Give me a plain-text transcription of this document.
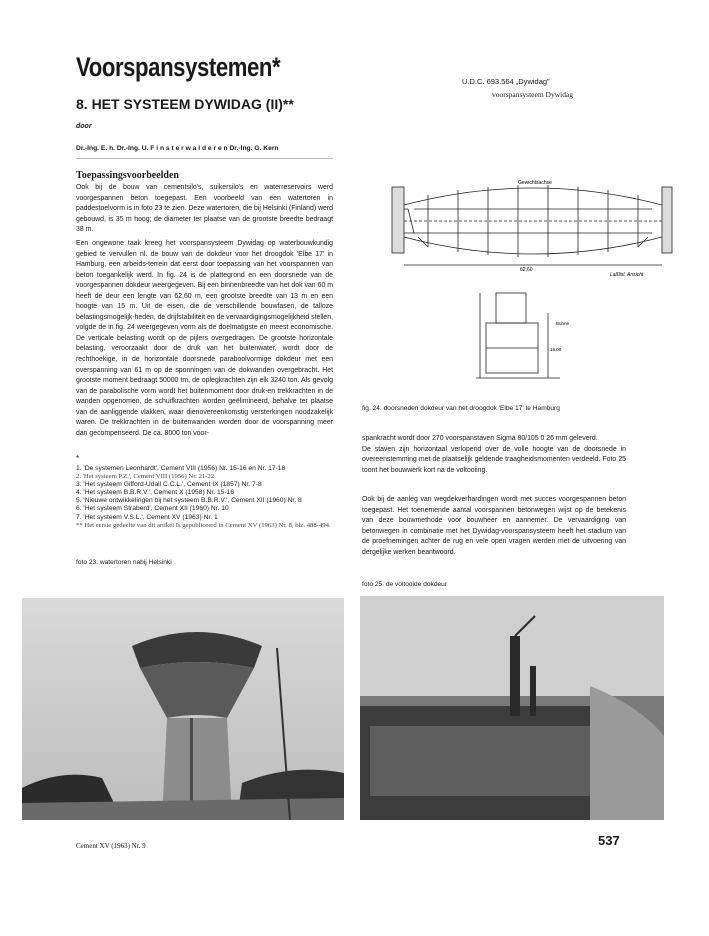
Voorspansystemen*	U.D.C. 693.564 „Dywidag”
voorspansysteem Dywidag
8. HET SYSTEEM DYWIDAG (II)**
door
Dr.-Ing. E. h. Dr.-Ing. U. F i n s t e r w a l d e r e n Dr.-Ing. G. Kern
Toepassingsvoorbeelden

Ook bij de bouw van cementsilo's, suikersilo's en waterreservoirs werd voorgespannen beton toegepast. Een voorbeeld van een watertoren in paddestoelvorm is in foto 23 te zien. Deze watertoren, die bij Helsinki (Finland) werd gebouwd, is 35 m hoog; de diameter ter plaatse van de grootste breedte bedraagt 38 m.

Een ongewone taak kreeg het voorspansysteem Dywidag op waterbouwkundig gebied te vervullen nl. de bouw van de dokdeur voor het droogdok 'Elbe 17' in Hamburg, een arbeids-terrein dat eerst door toepassing van het voorspannen van beton toegankelijk werd. In fig. 24 is de plattegrond en een doorsnede van de voorgespannen dokdeur weergegeven. Bij een binnenbreedte van het dok van 60 m heeft de deur een lengte van 62,60 m, een grootste breedte van 13 m en een hoogte van 15 m. Uit de eisen, die de verschillende bouwfasen, de talloze belastingsmogelijk-heden, de drijfstabiliteit en de vervaardigingsmogelijkheid stellen, volgde de in fig. 24 weergegeven vorm als de doelmatigste en meest economische. De verticale belasting wordt op de pijlers overgedragen. De grootste horizontale belasting, veroorzaakt door de druk van het buitenwater, wordt door de rechthoekige, in de horizontale doorsnede paraboolvormige dokdeur met een overspanning van 61 m op de sponningen van de dokwanden overgebracht. Het grootste moment bedraagt 50000 tm, de oplegkrachten zijn elk 3240 ton. Als gevolg van de parabolische vorm wordt het buitenmoment door druk-en trekkrachten in de wanden opgenomen, de schuifkrachten worden geëlimineerd, behalve ter plaatse van de aanliggende vlakken, waar dienovereenkomstig versterkingen noodzakelijk waren. De trekkrachten in de buitenwanden worden door de voorspanning meer dan gecompenseerd. De ca. 8000 ton voor-

*

1. 'De systemen Leonhardt', Cement VIII (1956) Nr. 15-16 en Nr. 17-18

2. 'Het systeem P.Z.', Cement VIII (1956) Nr. 21-22

3. 'Het systeem Gifford-Udall C.C.L.', Cement IX (1857) Nr. 7-8

4. 'Het systeem B.B.R.V.', Cement X (1958) Nr. 15-16

5. 'Nieuwe ontwikkelingen bij het systeem B.B.R.V.', Cement XII (1960) Nr. 8

6. 'Het systeem Straberd', Cement XII (1960) Nr. 10

7. 'Het systeem V.S.L.', Cement XV (1963) Nr. 1

** Het eerste gedeelte van dit artikel Is gepubliceerd in Cement XV (1963) Nr. 8, blz. 488-494.

foto 23. watertoren nabij Helsinki
Gewichtsachse
62,60
Laßlisl. Ansicht
Bühne
15,00
fig. 24. doorsneden dokdeur van het droogdok 'Elbe 17' te Hamburg

spankracht wordt door 270 voorspanstaven Sigma 80/105 0 26 mm geleverd.

De staven zijn horizontaal verlopend over de volle hoogte van de doorsnede in overeenstemming met de plaatselijk geldende traagheidsmomenten verdeeld. Foto 25 toont het bouwwerk kort na de voltooiing.

Ook bij de aanleg van wegdekverhardingen wordt met succes voorgespannen beton toegepast. Het toenemende aantal voorspannen betonwegen wijst op de betekenis van deze bouwmethode voor bouwheer en aannemer. De vervaardiging van betonwegen in combinatie met het Dywidag-voorspansysteem heeft het stadium van de proefnemingen achter de rug en vele open vragen werden met de uitvoering van dergelijke werken beantwoord.

foto 25. de voltooide dokdeur
Cement XV (1963) Nr. 9	537
